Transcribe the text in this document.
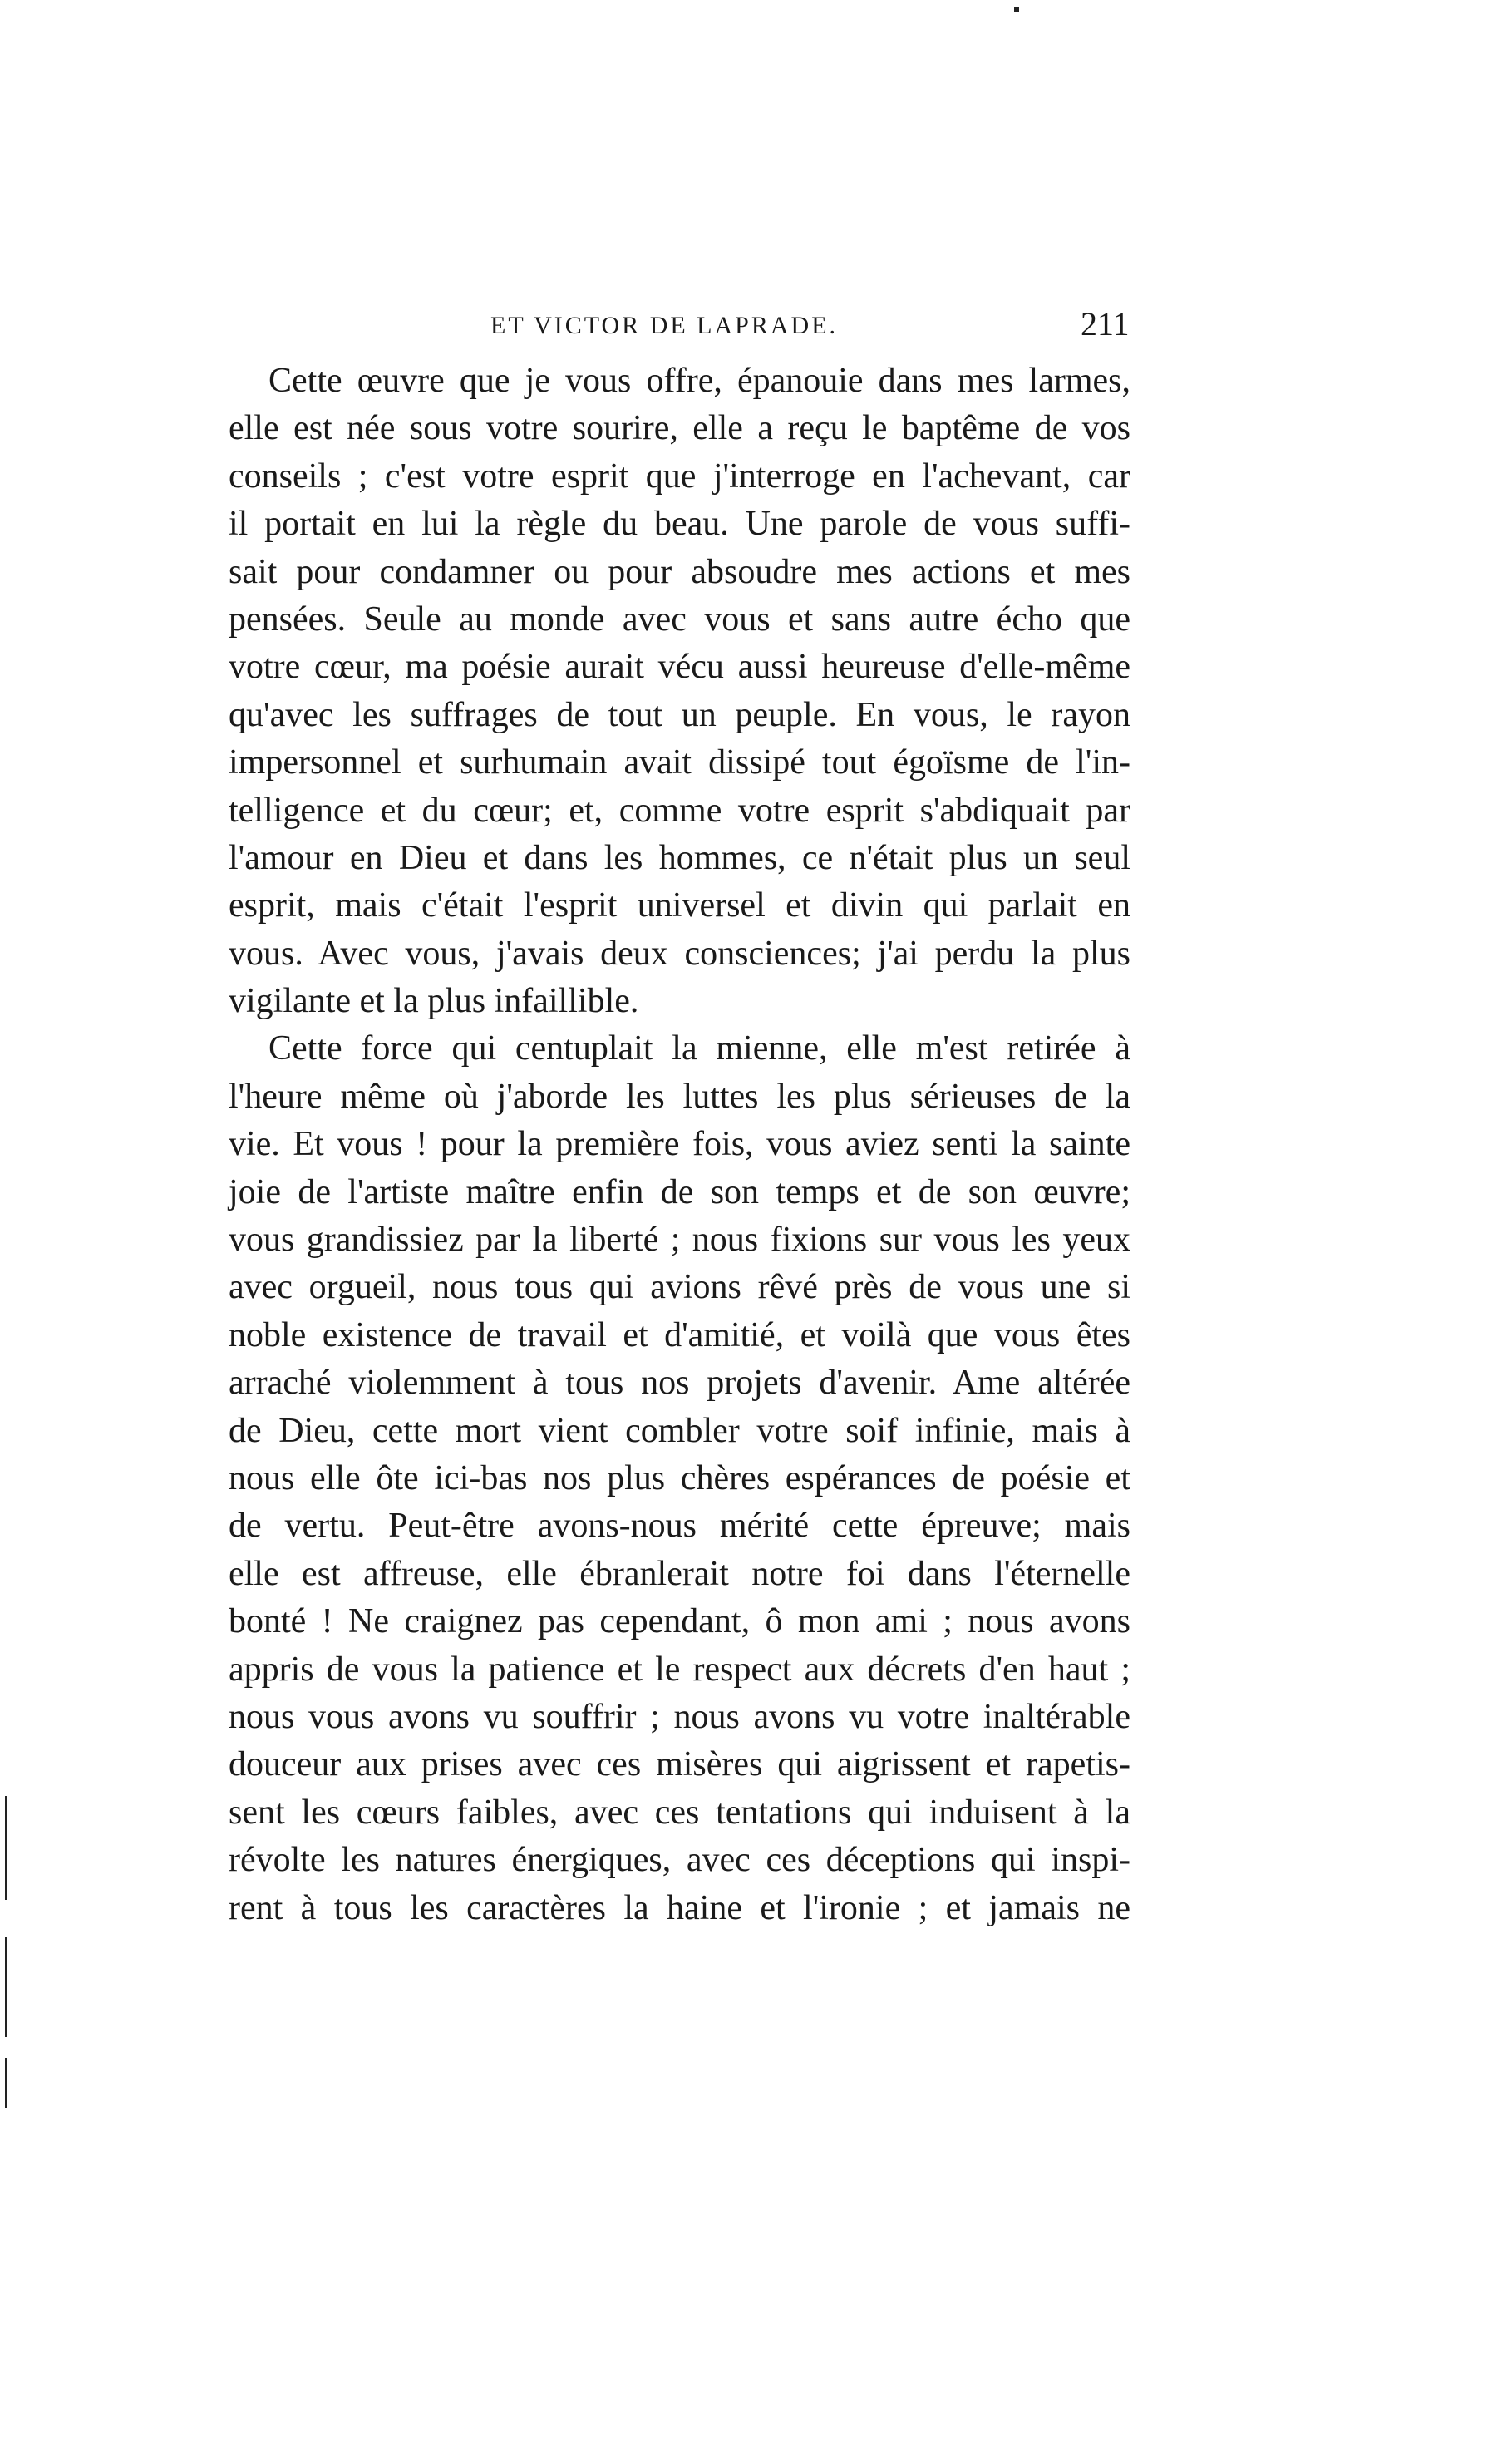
ET VICTOR DE LAPRADE.	211
Cette œuvre que je vous offre, épanouie dans mes larmes,
elle est née sous votre sourire, elle a reçu le baptême de vos
conseils ; c'est votre esprit que j'interroge en l'achevant, car
il portait en lui la règle du beau. Une parole de vous suffi-
sait pour condamner ou pour absoudre mes actions et mes
pensées. Seule au monde avec vous et sans autre écho que
votre cœur, ma poésie aurait vécu aussi heureuse d'elle-même
qu'avec les suffrages de tout un peuple. En vous, le rayon
impersonnel et surhumain avait dissipé tout égoïsme de l'in-
telligence et du cœur; et, comme votre esprit s'abdiquait par
l'amour en Dieu et dans les hommes, ce n'était plus un seul
esprit, mais c'était l'esprit universel et divin qui parlait en
vous. Avec vous, j'avais deux consciences; j'ai perdu la plus
vigilante et la plus infaillible.
Cette force qui centuplait la mienne, elle m'est retirée à
l'heure même où j'aborde les luttes les plus sérieuses de la
vie. Et vous ! pour la première fois, vous aviez senti la sainte
joie de l'artiste maître enfin de son temps et de son œuvre;
vous grandissiez par la liberté ; nous fixions sur vous les yeux
avec orgueil, nous tous qui avions rêvé près de vous une si
noble existence de travail et d'amitié, et voilà que vous êtes
arraché violemment à tous nos projets d'avenir. Ame altérée
de Dieu, cette mort vient combler votre soif infinie, mais à
nous elle ôte ici-bas nos plus chères espérances de poésie et
de vertu. Peut-être avons-nous mérité cette épreuve; mais
elle est affreuse, elle ébranlerait notre foi dans l'éternelle
bonté ! Ne craignez pas cependant, ô mon ami ; nous avons
appris de vous la patience et le respect aux décrets d'en haut ;
nous vous avons vu souffrir ; nous avons vu votre inaltérable
douceur aux prises avec ces misères qui aigrissent et rapetis-
sent les cœurs faibles, avec ces tentations qui induisent à la
révolte les natures énergiques, avec ces déceptions qui inspi-
rent à tous les caractères la haine et l'ironie ; et jamais ne
